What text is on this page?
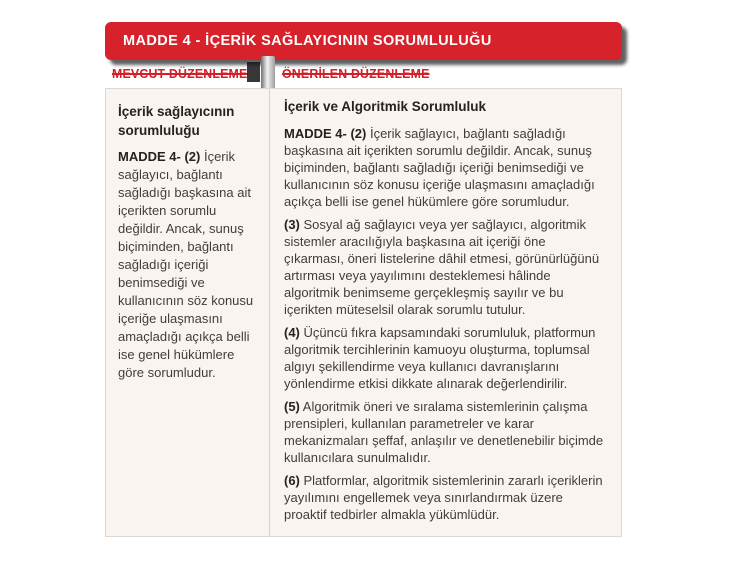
MADDE 4 - İÇERİK SAĞLAYICININ SORUMLULUĞU
MEVCUT DÜZENLEME	ÖNERİLEN DÜZENLEME
İçerik sağlayıcının sorumluluğu

MADDE 4- (2) İçerik sağlayıcı, bağlantı sağladığı başkasına ait içerikten sorumlu değildir. Ancak, sunuş biçiminden, bağlantı sağladığı içeriği benimsediği ve kullanıcının söz konusu içeriğe ulaşmasını amaçladığı açıkça belli ise genel hükümlere göre sorumludur.

İçerik ve Algoritmik Sorumluluk

MADDE 4- (2) İçerik sağlayıcı, bağlantı sağladığı başkasına ait içerikten sorumlu değildir. Ancak, sunuş biçiminden, bağlantı sağladığı içeriği benimsediği ve kullanıcının söz konusu içeriğe ulaşmasını amaçladığı açıkça belli ise genel hükümlere göre sorumludur.

(3) Sosyal ağ sağlayıcı veya yer sağlayıcı, algoritmik sistemler aracılığıyla başkasına ait içeriği öne çıkarması, öneri listelerine dâhil etmesi, görünürlüğünü artırması veya yayılımını desteklemesi hâlinde algoritmik benimseme gerçekleşmiş sayılır ve bu içerikten müteselsil olarak sorumlu tutulur.

(4) Üçüncü fıkra kapsamındaki sorumluluk, platformun algoritmik tercihlerinin kamuoyu oluşturma, toplumsal algıyı şekillendirme veya kullanıcı davranışlarını yönlendirme etkisi dikkate alınarak değerlendirilir.

(5) Algoritmik öneri ve sıralama sistemlerinin çalışma prensipleri, kullanılan parametreler ve karar mekanizmaları şeffaf, anlaşılır ve denetlenebilir biçimde kullanıcılara sunulmalıdır.

(6) Platformlar, algoritmik sistemlerinin zararlı içeriklerin yayılımını engellemek veya sınırlandırmak üzere proaktif tedbirler almakla yükümlüdür.
